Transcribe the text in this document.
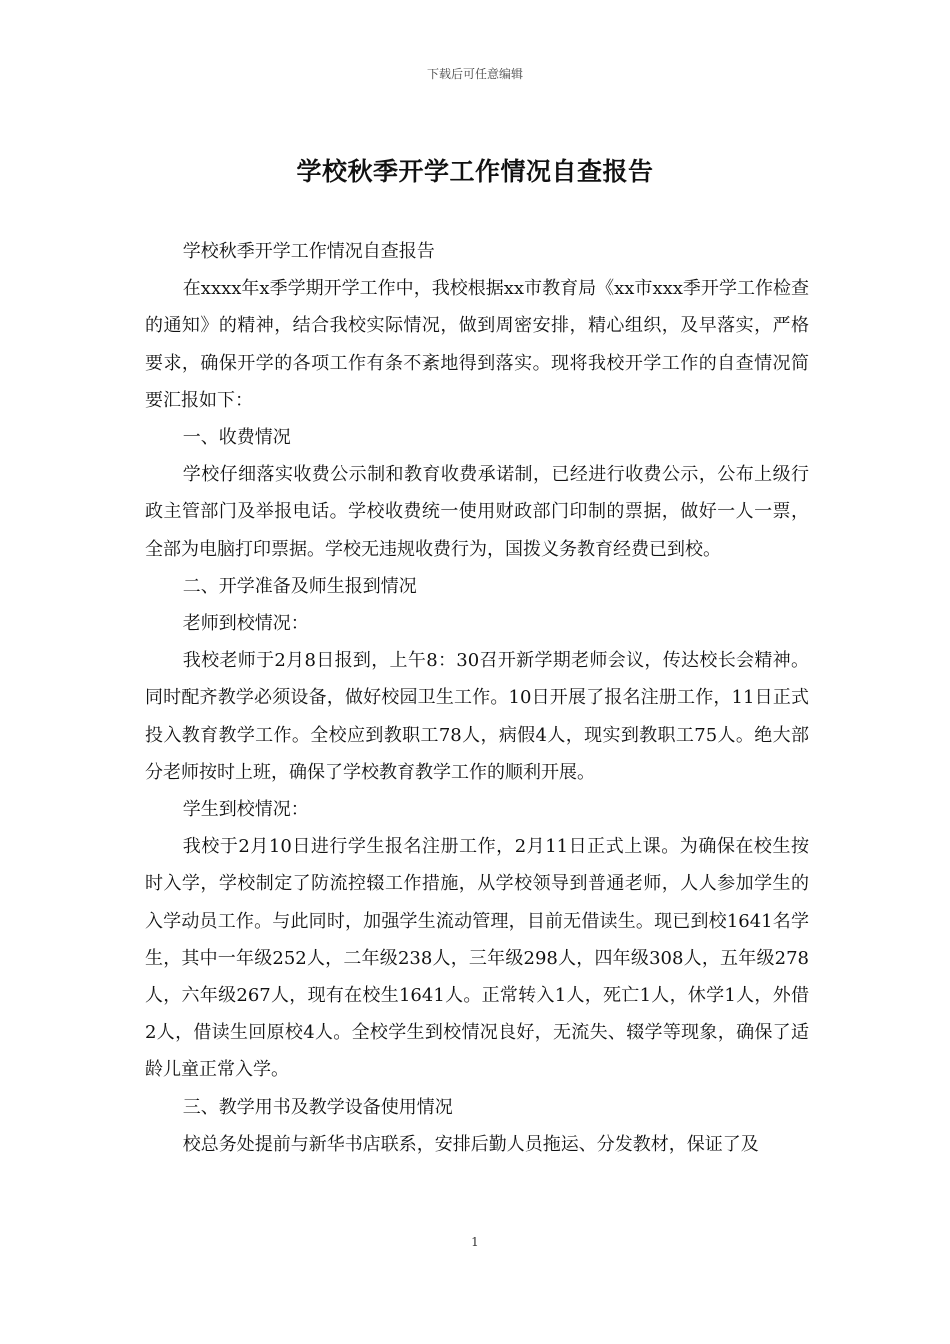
下载后可任意编辑
学校秋季开学工作情况自查报告

学校秋季开学工作情况自查报告

在xxxx年x季学期开学工作中，我校根据xx市教育局《xx市xxx季开学工作检查的通知》的精神，结合我校实际情况，做到周密安排，精心组织，及早落实，严格要求，确保开学的各项工作有条不紊地得到落实。现将我校开学工作的自查情况简要汇报如下：

一、收费情况

学校仔细落实收费公示制和教育收费承诺制，已经进行收费公示，公布上级行政主管部门及举报电话。学校收费统一使用财政部门印制的票据，做好一人一票，全部为电脑打印票据。学校无违规收费行为，国拨义务教育经费已到校。

二、开学准备及师生报到情况

老师到校情况：

我校老师于2月8日报到，上午8：30召开新学期老师会议，传达校长会精神。同时配齐教学必须设备，做好校园卫生工作。10日开展了报名注册工作，11日正式投入教育教学工作。全校应到教职工78人，病假4人，现实到教职工75人。绝大部分老师按时上班，确保了学校教育教学工作的顺利开展。

学生到校情况：

我校于2月10日进行学生报名注册工作，2月11日正式上课。为确保在校生按时入学，学校制定了防流控辍工作措施，从学校领导到普通老师，人人参加学生的入学动员工作。与此同时，加强学生流动管理，目前无借读生。现已到校1641名学生，其中一年级252人，二年级238人，三年级298人，四年级308人，五年级278人，六年级267人，现有在校生1641人。正常转入1人，死亡1人，休学1人，外借2人，借读生回原校4人。全校学生到校情况良好，无流失、辍学等现象，确保了适龄儿童正常入学。

三、教学用书及教学设备使用情况

校总务处提前与新华书店联系，安排后勤人员拖运、分发教材，保证了及

1
